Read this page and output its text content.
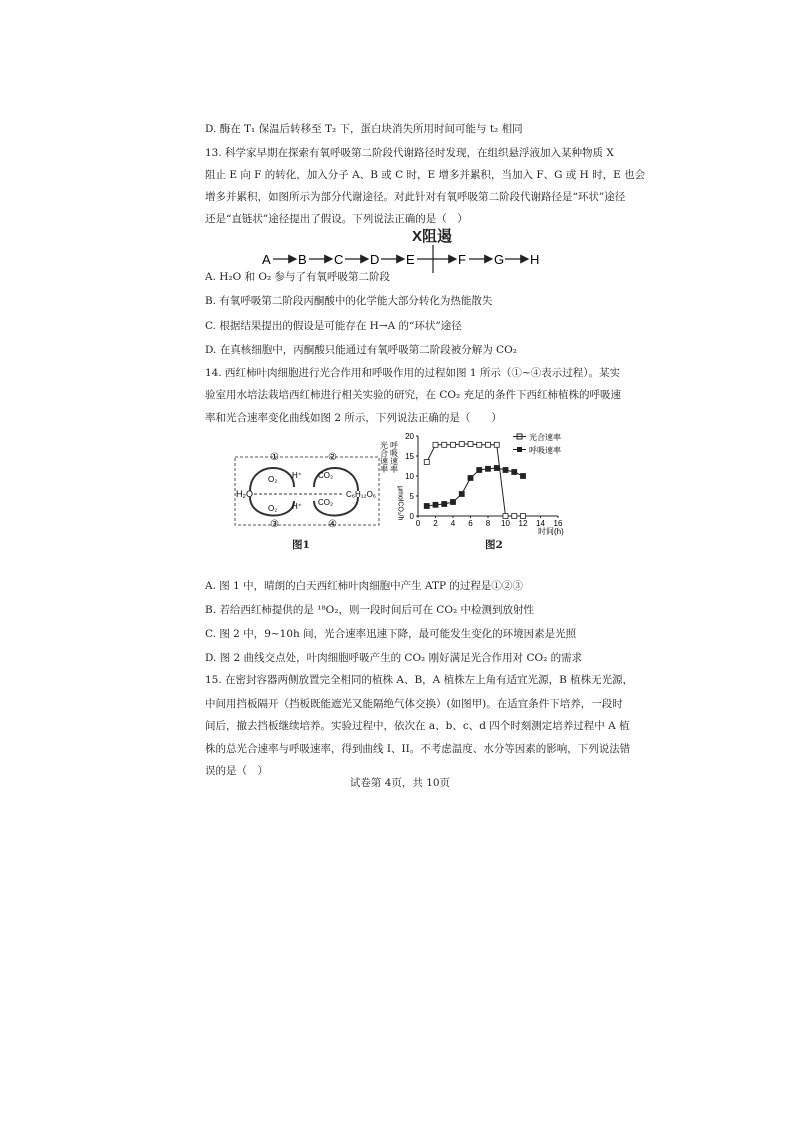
D. 酶在 T₁ 保温后转移至 T₂ 下，蛋白块消失所用时间可能与 t₂ 相同
13. 科学家早期在探索有氧呼吸第二阶段代谢路径时发现，在组织悬浮液加入某种物质 X
阻止 E 向 F 的转化，加入分子 A、B 或 C 时，E 增多并累积，当加入 F、G 或 H 时，E 也会
增多并累积，如图所示为部分代谢途径。对此针对有氧呼吸第二阶段代谢路径是“环状”途径
还是“直链状”途径提出了假设。下列说法正确的是（　）
A. H₂O 和 O₂ 参与了有氧呼吸第二阶段
B. 有氧呼吸第二阶段丙酮酸中的化学能大部分转化为热能散失
C. 根据结果提出的假设是可能存在 H→A 的“环状”途径
D. 在真核细胞中，丙酮酸只能通过有氧呼吸第二阶段被分解为 CO₂
14. 西红柿叶肉细胞进行光合作用和呼吸作用的过程如图 1 所示（①~④表示过程）。某实
验室用水培法栽培西红柿进行相关实验的研究，在 CO₂ 充足的条件下西红柿植株的呼吸速
率和光合速率变化曲线如图 2 所示，下列说法正确的是（　　）
A. 图 1 中，晴朗的白天西红柿叶肉细胞中产生 ATP 的过程是①②③
B. 若给西红柿提供的是 ¹⁸O₂，则一段时间后可在 CO₂ 中检测到放射性
C. 图 2 中，9~10h 间，光合速率迅速下降，最可能发生变化的环境因素是光照
D. 图 2 曲线交点处，叶肉细胞呼吸产生的 CO₂ 刚好满足光合作用对 CO₂ 的需求
15. 在密封容器两侧放置完全相同的植株 A、B，A 植株左上角有适宜光源，B 植株无光源，
中间用挡板隔开（挡板既能遮光又能隔绝气体交换）(如图甲)。在适宜条件下培养，一段时
间后，撤去挡板继续培养。实验过程中，依次在 a、b、c、d 四个时刻测定培养过程中 A 植
株的总光合速率与呼吸速率，得到曲线 I、II。不考虑温度、水分等因素的影响，下列说法错
误的是（　）
A B C D E	F G H
X阻遏
①	②
③	④
O₂ H⁺ CO₂
O₂ H⁺ CO₂
H₂O	C₆H₁₂O₆
图1
0 2 4 6 8 10 12 14 16
0
5
10
15
20
光合速率 呼吸速率
μmolCO₂/h
时间(h)
光合速率
呼吸速率
图2
试卷第 4页，共 10页
